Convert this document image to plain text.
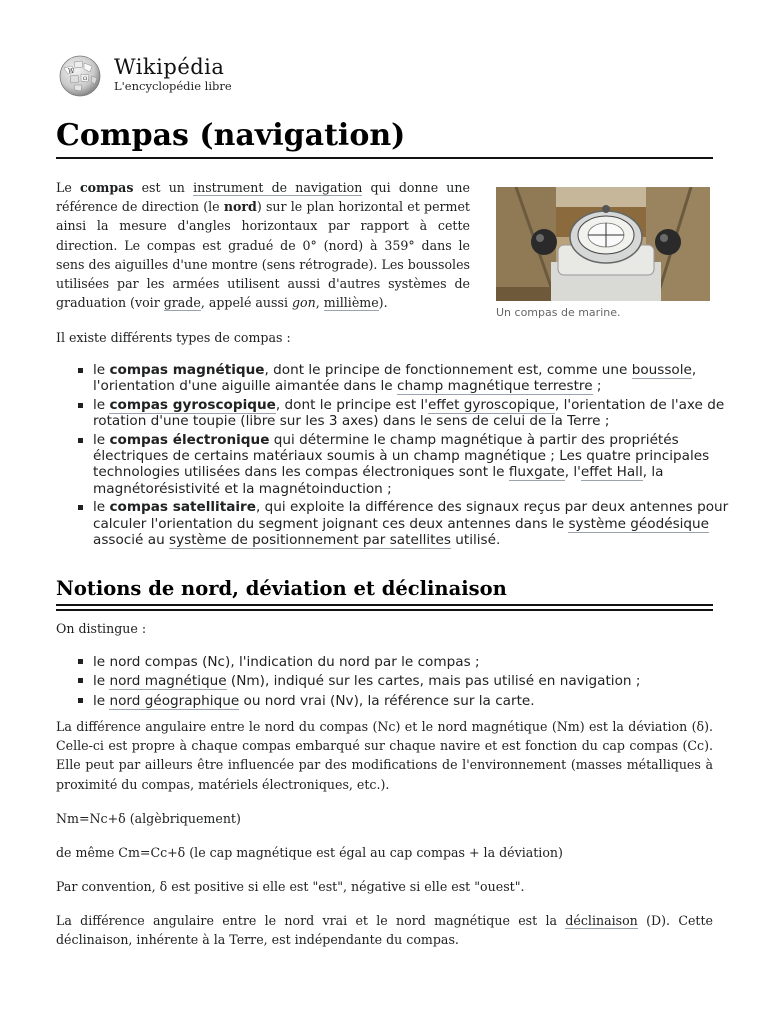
W
Ω Wikipédia
L'encyclopédie libre
Compas (navigation)

Le compas est un instrument de navigation qui donne une référence de direction (le nord) sur le plan horizontal et permet ainsi la mesure d'angles horizontaux par rapport à cette direction. Le compas est gradué de 0° (nord) à 359° dans le sens des aiguilles d'une montre (sens rétrograde). Les boussoles utilisées par les armées utilisent aussi d'autres systèmes de graduation (voir grade, appelé aussi gon, millième).

Un compas de marine.

Il existe différents types de compas :

le compas magnétique, dont le principe de fonctionnement est, comme une boussole, l'orientation d'une aiguille aimantée dans le champ magnétique terrestre ;
le compas gyroscopique, dont le principe est l'effet gyroscopique, l'orientation de l'axe de rotation d'une toupie (libre sur les 3 axes) dans le sens de celui de la Terre ;
le compas électronique qui détermine le champ magnétique à partir des propriétés électriques de certains matériaux soumis à un champ magnétique ; Les quatre principales technologies utilisées dans les compas électroniques sont le fluxgate, l'effet Hall, la magnétorésistivité et la magnétoinduction ;
le compas satellitaire, qui exploite la différence des signaux reçus par deux antennes pour calculer l'orientation du segment joignant ces deux antennes dans le système géodésique associé au système de positionnement par satellites utilisé.
Notions de nord, déviation et déclinaison

On distingue :

le nord compas (Nc), l'indication du nord par le compas ;
le nord magnétique (Nm), indiqué sur les cartes, mais pas utilisé en navigation ;
le nord géographique ou nord vrai (Nv), la référence sur la carte.

La différence angulaire entre le nord du compas (Nc) et le nord magnétique (Nm) est la déviation (δ). Celle-ci est propre à chaque compas embarqué sur chaque navire et est fonction du cap compas (Cc). Elle peut par ailleurs être influencée par des modifications de l'environnement (masses métalliques à proximité du compas, matériels électroniques, etc.).

Nm=Nc+δ (algèbriquement)

de même Cm=Cc+δ (le cap magnétique est égal au cap compas + la déviation)

Par convention, δ est positive si elle est "est", négative si elle est "ouest".

La différence angulaire entre le nord vrai et le nord magnétique est la déclinaison (D). Cette déclinaison, inhérente à la Terre, est indépendante du compas.
